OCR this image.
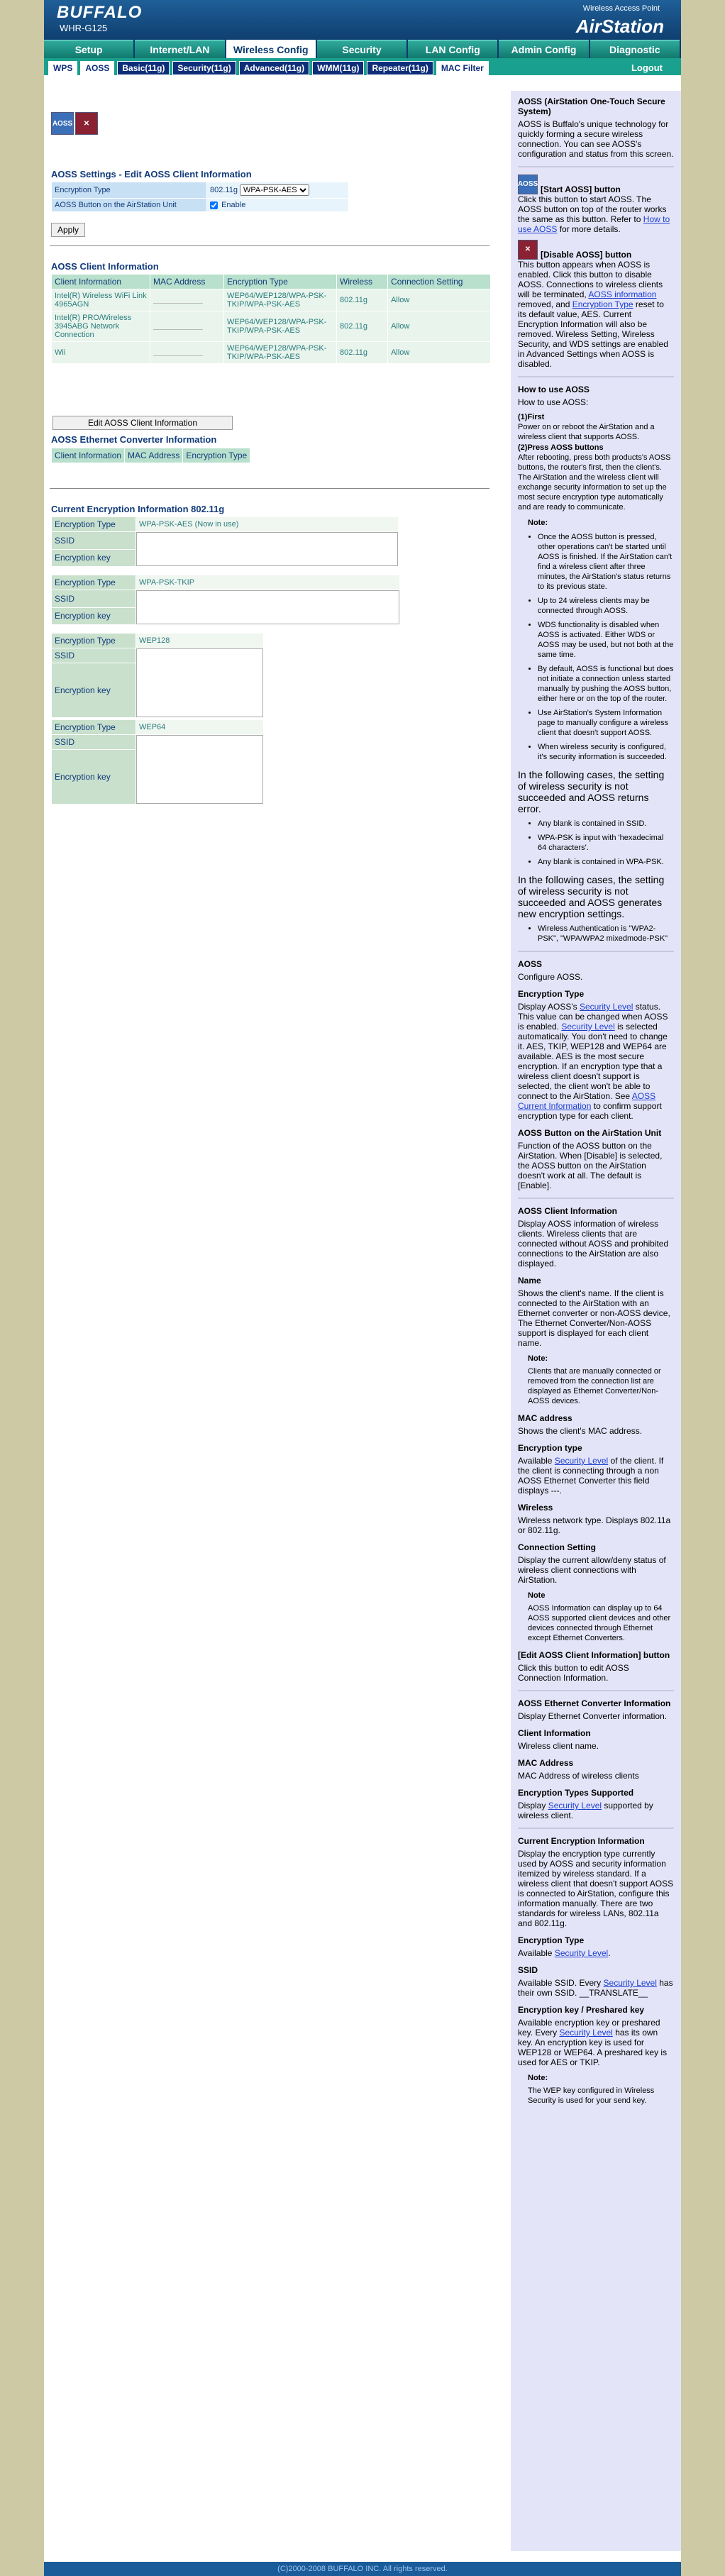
BUFFALO
WHR-G125
Wireless Access Point
AirStation
Setup	Internet/LAN	Wireless Config	Security	LAN Config	Admin Config	Diagnostic
WPS	AOSS	Basic(11g)	Security(11g)	Advanced(11g)	WMM(11g)	Repeater(11g)	MAC Filter	Logout
AOSS	✕
AOSS Settings - Edit AOSS Client Information
Encryption Type	802.11g
WPA-PSK-AES
AOSS Button on the AirStation Unit	Enable
Apply
AOSS Client Information
Client Information	MAC Address	Encryption Type	Wireless	Connection Setting
Intel(R) Wireless WiFi Link 4965AGN		WEP64/WEP128/WPA-PSK-TKIP/WPA-PSK-AES	802.11g	Allow
Intel(R) PRO/Wireless 3945ABG Network Connection		WEP64/WEP128/WPA-PSK-TKIP/WPA-PSK-AES	802.11g	Allow
Wii		WEP64/WEP128/WPA-PSK-TKIP/WPA-PSK-AES	802.11g	Allow
Edit AOSS Client Information
AOSS Ethernet Converter Information
Client Information	MAC Address	Encryption Type
Current Encryption Information 802.11g
Encryption Type	WPA-PSK-AES (Now in use)
SSID	
Encryption key	
Encryption Type	WPA-PSK-TKIP
SSID	
Encryption key	
Encryption Type	WEP128
SSID	
Encryption key	
Encryption Type	WEP64
SSID	
Encryption key	
AOSS (AirStation One-Touch Secure System)

AOSS is Buffalo's unique technology for quickly forming a secure wireless connection. You can see AOSS's configuration and status from this screen.

AOSS
[Start AOSS] button

Click this button to start AOSS. The AOSS button on top of the router works the same as this button. Refer to How to use AOSS for more details.

✕
[Disable AOSS] button

This button appears when AOSS is enabled. Click this button to disable AOSS. Connections to wireless clients will be terminated, AOSS information removed, and Encryption Type reset to its default value, AES. Current Encryption Information will also be removed. Wireless Setting, Wireless Security, and WDS settings are enabled in Advanced Settings when AOSS is disabled.

How to use AOSS

How to use AOSS:

(1)First

Power on or reboot the AirStation and a wireless client that supports AOSS.

(2)Press AOSS buttons

After rebooting, press both products's AOSS buttons, the router's first, then the client's. The AirStation and the wireless client will exchange security information to set up the most secure encryption type automatically and are ready to communicate.

Note:
• Once the AOSS button is pressed, other operations can't be started until AOSS is finished. If the AirStation can't find a wireless client after three minutes, the AirStation's status returns to its previous state.
• Up to 24 wireless clients may be connected through AOSS.
• WDS functionality is disabled when AOSS is activated. Either WDS or AOSS may be used, but not both at the same time.
• By default, AOSS is functional but does not initiate a connection unless started manually by pushing the AOSS button, either here or on the top of the router.
• Use AirStation's System Information page to manually configure a wireless client that doesn't support AOSS.
• When wireless security is configured, it's security information is succeeded.

In the following cases, the setting of wireless security is not succeeded and AOSS returns error.

• Any blank is contained in SSID.
• WPA-PSK is input with 'hexadecimal 64 characters'.
• Any blank is contained in WPA-PSK.

In the following cases, the setting of wireless security is not succeeded and AOSS generates new encryption settings.

• Wireless Authentication is "WPA2-PSK", "WPA/WPA2 mixedmode-PSK"
AOSS

Configure AOSS.

Encryption Type

Display AOSS's Security Level status. This value can be changed when AOSS is enabled. Security Level is selected automatically. You don't need to change it. AES, TKIP, WEP128 and WEP64 are available. AES is the most secure encryption. If an encryption type that a wireless client doesn't support is selected, the client won't be able to connect to the AirStation. See AOSS Current Information to confirm support encryption type for each client.

AOSS Button on the AirStation Unit

Function of the AOSS button on the AirStation. When [Disable] is selected, the AOSS button on the AirStation doesn't work at all. The default is [Enable].

AOSS Client Information

Display AOSS information of wireless clients. Wireless clients that are connected without AOSS and prohibited connections to the AirStation are also displayed.

Name

Shows the client's name. If the client is connected to the AirStation with an Ethernet converter or non-AOSS device, The Ethernet Converter/Non-AOSS support is displayed for each client name.

Note:

Clients that are manually connected or removed from the connection list are displayed as Ethernet Converter/Non-AOSS devices.

MAC address

Shows the client's MAC address.

Encryption type

Available Security Level of the client. If the client is connecting through a non AOSS Ethernet Converter this field displays ---.

Wireless

Wireless network type. Displays 802.11a or 802.11g.

Connection Setting

Display the current allow/deny status of wireless client connections with AirStation.

Note

AOSS Information can display up to 64 AOSS supported client devices and other devices connected through Ethernet except Ethernet Converters.

[Edit AOSS Client Information] button

Click this button to edit AOSS Connection Information.

AOSS Ethernet Converter Information

Display Ethernet Converter information.

Client Information

Wireless client name.

MAC Address

MAC Address of wireless clients

Encryption Types Supported

Display Security Level supported by wireless client.

Current Encryption Information

Display the encryption type currently used by AOSS and security information itemized by wireless standard. If a wireless client that doesn't support AOSS is connected to AirStation, configure this information manually. There are two standards for wireless LANs, 802.11a and 802.11g.

Encryption Type

Available Security Level.

SSID

Available SSID. Every Security Level has their own SSID. __TRANSLATE__

Encryption key / Preshared key

Available encryption key or preshared key. Every Security Level has its own key. An encryption key is used for WEP128 or WEP64. A preshared key is used for AES or TKIP.

Note:

The WEP key configured in Wireless Security is used for your send key.

(C)2000-2008 BUFFALO INC. All rights reserved.
